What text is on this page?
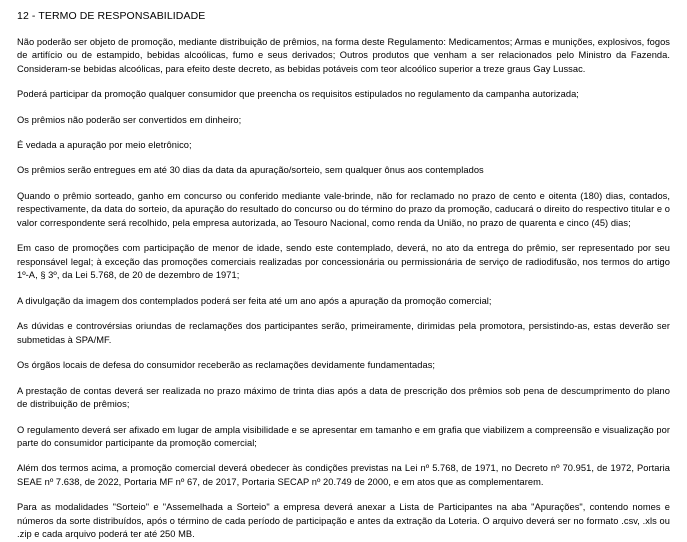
12 - TERMO DE RESPONSABILIDADE

Não poderão ser objeto de promoção, mediante distribuição de prêmios, na forma deste Regulamento: Medicamentos; Armas e munições, explosivos, fogos de artifício ou de estampido, bebidas alcoólicas, fumo e seus derivados; Outros produtos que venham a ser relacionados pelo Ministro da Fazenda. Consideram-se bebidas alcoólicas, para efeito deste decreto, as bebidas potáveis com teor alcoólico superior a treze graus Gay Lussac.

Poderá participar da promoção qualquer consumidor que preencha os requisitos estipulados no regulamento da campanha autorizada;

Os prêmios não poderão ser convertidos em dinheiro;

É vedada a apuração por meio eletrônico;

Os prêmios serão entregues em até 30 dias da data da apuração/sorteio, sem qualquer ônus aos contemplados

Quando o prêmio sorteado, ganho em concurso ou conferido mediante vale-brinde, não for reclamado no prazo de cento e oitenta (180) dias, contados, respectivamente, da data do sorteio, da apuração do resultado do concurso ou do término do prazo da promoção, caducará o direito do respectivo titular e o valor correspondente será recolhido, pela empresa autorizada, ao Tesouro Nacional, como renda da União, no prazo de quarenta e cinco (45) dias;

Em caso de promoções com participação de menor de idade, sendo este contemplado, deverá, no ato da entrega do prêmio, ser representado por seu responsável legal; à exceção das promoções comerciais realizadas por concessionária ou permissionária de serviço de radiodifusão, nos termos do artigo 1º-A, § 3º, da Lei 5.768, de 20 de dezembro de 1971;

A divulgação da imagem dos contemplados poderá ser feita até um ano após a apuração da promoção comercial;

As dúvidas e controvérsias oriundas de reclamações dos participantes serão, primeiramente, dirimidas pela promotora, persistindo-as, estas deverão ser submetidas à SPA/MF.

Os órgãos locais de defesa do consumidor receberão as reclamações devidamente fundamentadas;

A prestação de contas deverá ser realizada no prazo máximo de trinta dias após a data de prescrição dos prêmios sob pena de descumprimento do plano de distribuição de prêmios;

O regulamento deverá ser afixado em lugar de ampla visibilidade e se apresentar em tamanho e em grafia que viabilizem a compreensão e visualização por parte do consumidor participante da promoção comercial;

Além dos termos acima, a promoção comercial deverá obedecer às condições previstas na Lei nº 5.768, de 1971, no Decreto nº 70.951, de 1972, Portaria SEAE nº 7.638, de 2022, Portaria MF nº 67, de 2017, Portaria SECAP nº 20.749 de 2000, e em atos que as complementarem.

Para as modalidades "Sorteio" e "Assemelhada a Sorteio" a empresa deverá anexar a Lista de Participantes na aba "Apurações", contendo nomes e números da sorte distribuídos, após o término de cada período de participação e antes da extração da Loteria. O arquivo deverá ser no formato .csv, .xls ou .zip e cada arquivo poderá ter até 250 MB.
